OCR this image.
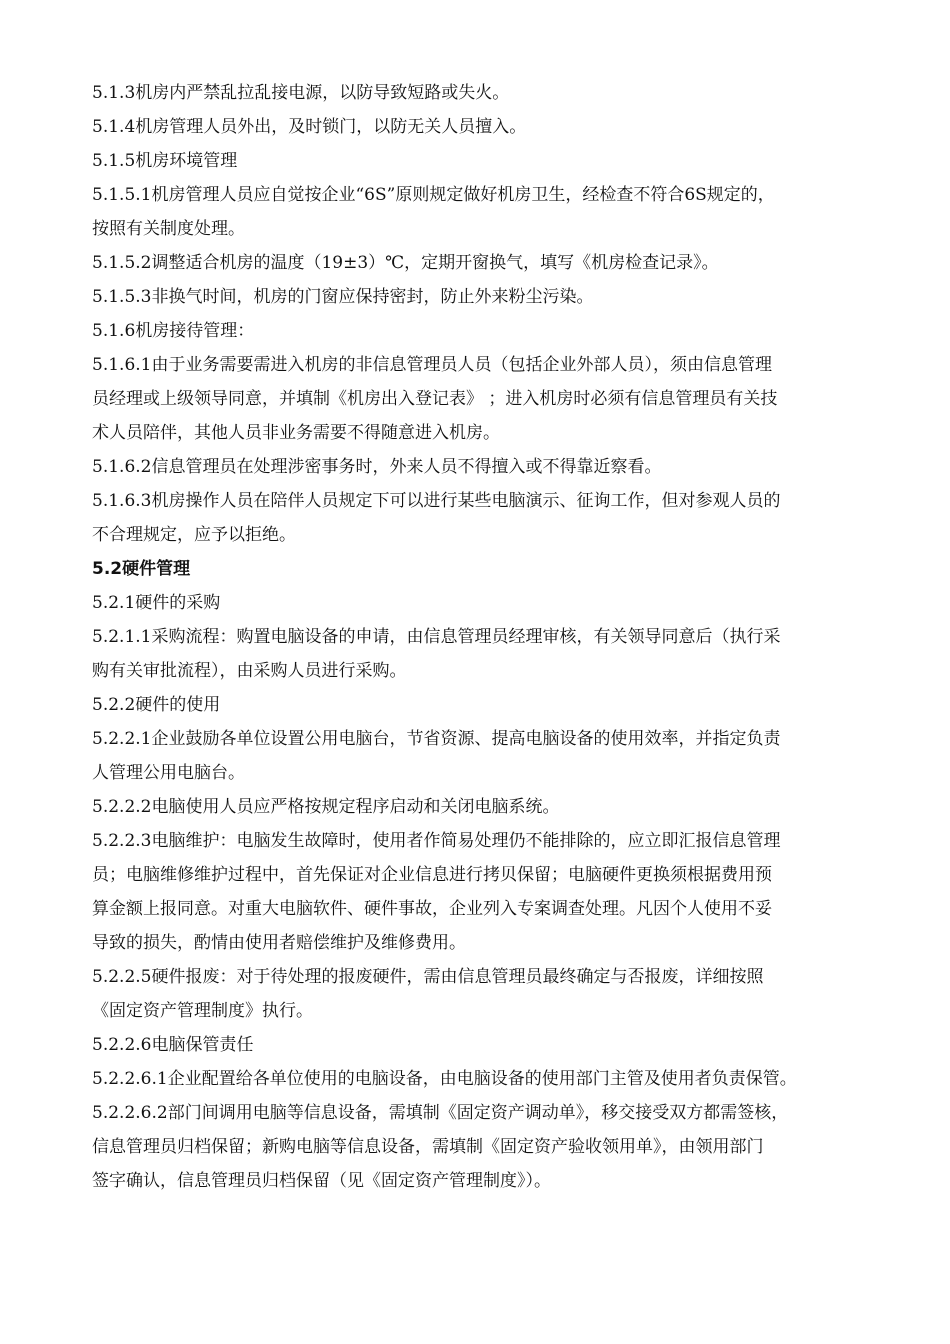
5.1.3机房内严禁乱拉乱接电源，以防导致短路或失火。
5.1.4机房管理人员外出，及时锁门，以防无关人员擅入。
5.1.5机房环境管理
5.1.5.1机房管理人员应自觉按企业“6S”原则规定做好机房卫生，经检查不符合6S规定的，
按照有关制度处理。
5.1.5.2调整适合机房的温度（19±3）℃，定期开窗换气，填写《机房检查记录》。
5.1.5.3非换气时间，机房的门窗应保持密封，防止外来粉尘污染。
5.1.6机房接待管理：
5.1.6.1由于业务需要需进入机房的非信息管理员人员（包括企业外部人员），须由信息管理
员经理或上级领导同意，并填制《机房出入登记表》 ；进入机房时必须有信息管理员有关技
术人员陪伴，其他人员非业务需要不得随意进入机房。
5.1.6.2信息管理员在处理涉密事务时，外来人员不得擅入或不得靠近察看。
5.1.6.3机房操作人员在陪伴人员规定下可以进行某些电脑演示、征询工作，但对参观人员的
不合理规定，应予以拒绝。
5.2硬件管理
5.2.1硬件的采购
5.2.1.1采购流程：购置电脑设备的申请，由信息管理员经理审核，有关领导同意后（执行采
购有关审批流程），由采购人员进行采购。
5.2.2硬件的使用
5.2.2.1企业鼓励各单位设置公用电脑台，节省资源、提高电脑设备的使用效率，并指定负责
人管理公用电脑台。
5.2.2.2电脑使用人员应严格按规定程序启动和关闭电脑系统。
5.2.2.3电脑维护：电脑发生故障时，使用者作简易处理仍不能排除的，应立即汇报信息管理
员；电脑维修维护过程中，首先保证对企业信息进行拷贝保留；电脑硬件更换须根据费用预
算金额上报同意。对重大电脑软件、硬件事故，企业列入专案调查处理。凡因个人使用不妥
导致的损失，酌情由使用者赔偿维护及维修费用。
5.2.2.5硬件报废：对于待处理的报废硬件，需由信息管理员最终确定与否报废，详细按照
《固定资产管理制度》执行。
5.2.2.6电脑保管责任
5.2.2.6.1企业配置给各单位使用的电脑设备，由电脑设备的使用部门主管及使用者负责保管。
5.2.2.6.2部门间调用电脑等信息设备，需填制《固定资产调动单》，移交接受双方都需签核，
信息管理员归档保留；新购电脑等信息设备，需填制《固定资产验收领用单》，由领用部门
签字确认，信息管理员归档保留（见《固定资产管理制度》）。
